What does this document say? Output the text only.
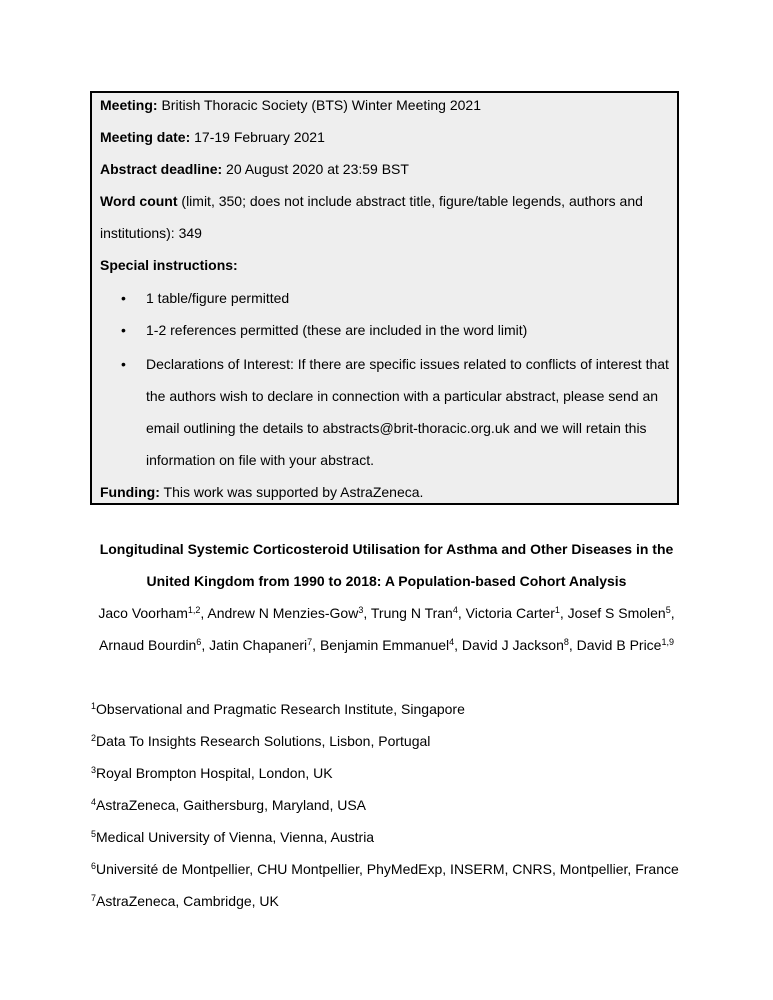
Meeting: British Thoracic Society (BTS) Winter Meeting 2021
Meeting date: 17-19 February 2021
Abstract deadline: 20 August 2020 at 23:59 BST
Word count (limit, 350; does not include abstract title, figure/table legends, authors and
institutions): 349
Special instructions:
• 1 table/figure permitted
• 1-2 references permitted (these are included in the word limit)
• Declarations of Interest: If there are specific issues related to conflicts of interest that
the authors wish to declare in connection with a particular abstract, please send an
email outlining the details to abstracts@brit-thoracic.org.uk and we will retain this
information on file with your abstract.
Funding: This work was supported by AstraZeneca.
Longitudinal Systemic Corticosteroid Utilisation for Asthma and Other Diseases in the
United Kingdom from 1990 to 2018: A Population-based Cohort Analysis
Jaco Voorham$^{1,2}$, Andrew N Menzies-Gow$^3$, Trung N Tran$^4$, Victoria Carter$^1$, Josef S Smolen$^5$,
Arnaud Bourdin$^6$, Jatin Chapaneri$^7$, Benjamin Emmanuel$^4$, David J Jackson$^8$, David B Price$^{1,9}$
$^1$Observational and Pragmatic Research Institute, Singapore
$^2$Data To Insights Research Solutions, Lisbon, Portugal
$^3$Royal Brompton Hospital, London, UK
$^4$AstraZeneca, Gaithersburg, Maryland, USA
$^5$Medical University of Vienna, Vienna, Austria
$^6$Université de Montpellier, CHU Montpellier, PhyMedExp, INSERM, CNRS, Montpellier, France
$^7$AstraZeneca, Cambridge, UK
